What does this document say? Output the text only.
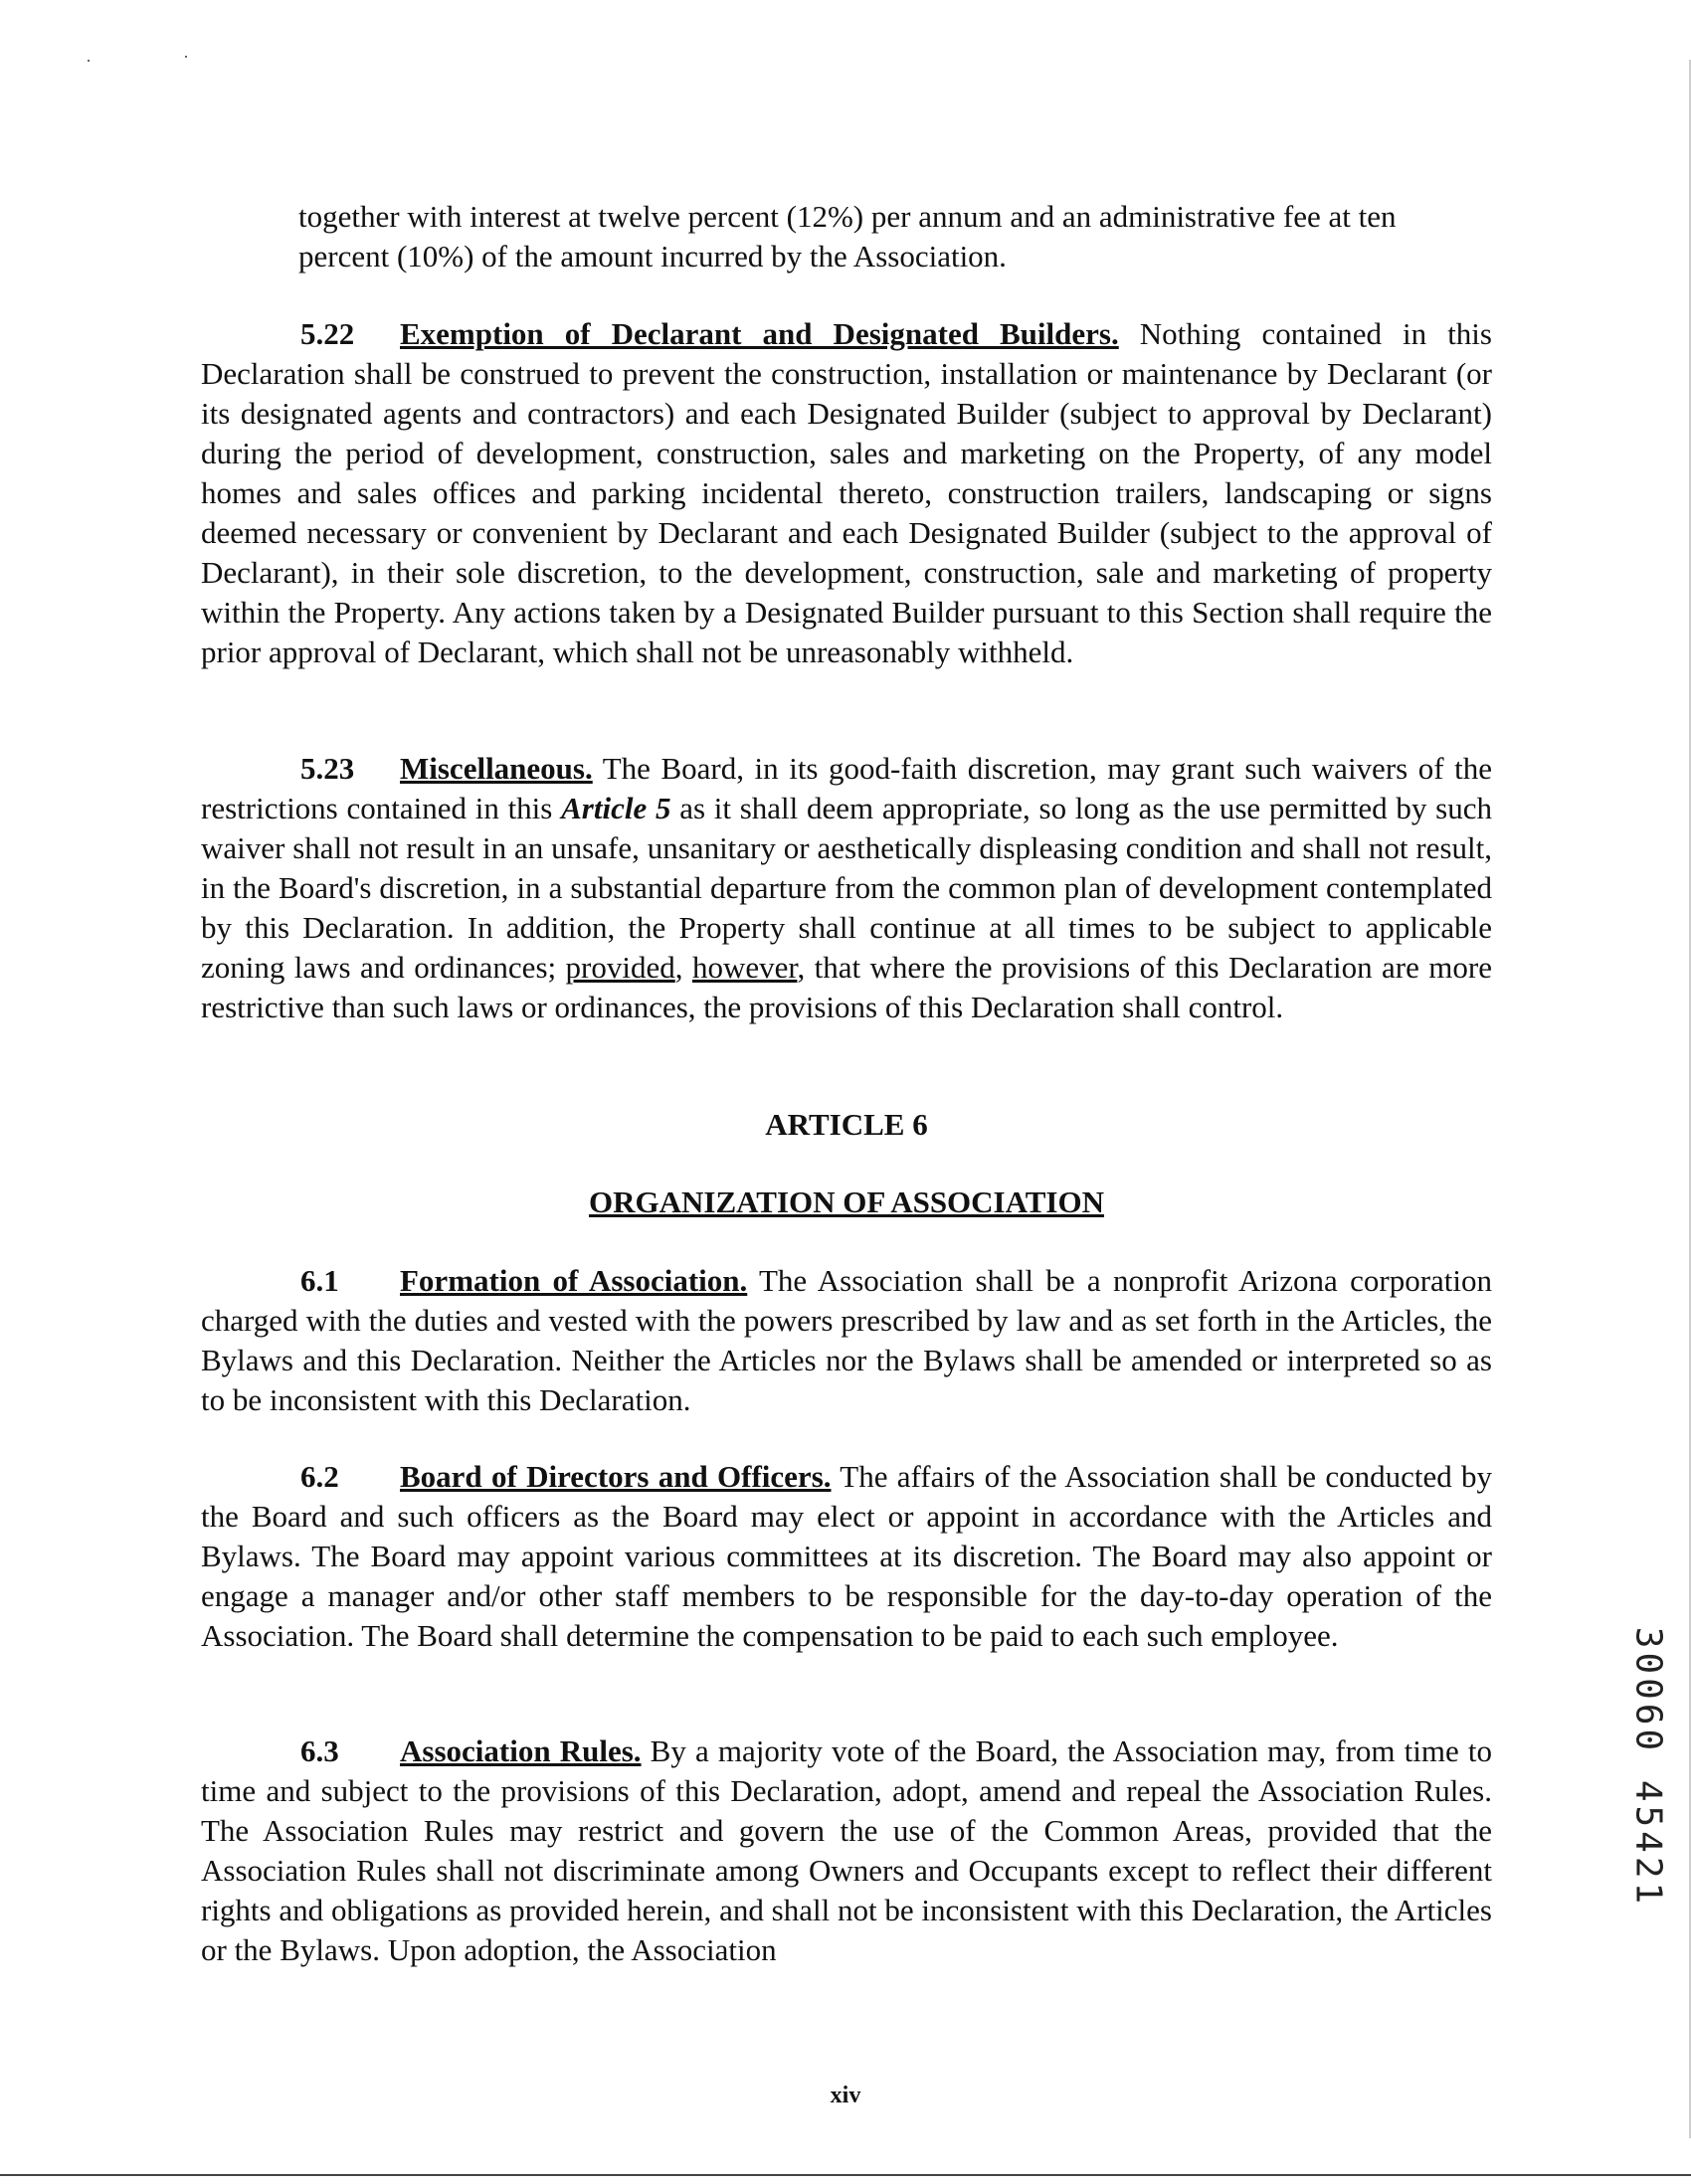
together with interest at twelve percent (12%) per annum and an administrative fee at ten percent (10%) of the amount incurred by the Association.

5.22 Exemption of Declarant and Designated Builders. Nothing contained in this Declaration shall be construed to prevent the construction, installation or maintenance by Declarant (or its designated agents and contractors) and each Designated Builder (subject to approval by Declarant) during the period of development, construction, sales and marketing on the Property, of any model homes and sales offices and parking incidental thereto, construction trailers, landscaping or signs deemed necessary or convenient by Declarant and each Designated Builder (subject to the approval of Declarant), in their sole discretion, to the development, construction, sale and marketing of property within the Property. Any actions taken by a Designated Builder pursuant to this Section shall require the prior approval of Declarant, which shall not be unreasonably withheld.

5.23 Miscellaneous. The Board, in its good-faith discretion, may grant such waivers of the restrictions contained in this Article 5 as it shall deem appropriate, so long as the use permitted by such waiver shall not result in an unsafe, unsanitary or aesthetically displeasing condition and shall not result, in the Board's discretion, in a substantial departure from the common plan of development contemplated by this Declaration. In addition, the Property shall continue at all times to be subject to applicable zoning laws and ordinances; provided, however, that where the provisions of this Declaration are more restrictive than such laws or ordinances, the provisions of this Declaration shall control.

ARTICLE 6

ORGANIZATION OF ASSOCIATION

6.1 Formation of Association. The Association shall be a nonprofit Arizona corporation charged with the duties and vested with the powers prescribed by law and as set forth in the Articles, the Bylaws and this Declaration. Neither the Articles nor the Bylaws shall be amended or interpreted so as to be inconsistent with this Declaration.

6.2 Board of Directors and Officers. The affairs of the Association shall be conducted by the Board and such officers as the Board may elect or appoint in accordance with the Articles and Bylaws. The Board may appoint various committees at its discretion. The Board may also appoint or engage a manager and/or other staff members to be responsible for the day-to-day operation of the Association. The Board shall determine the compensation to be paid to each such employee.

6.3 Association Rules. By a majority vote of the Board, the Association may, from time to time and subject to the provisions of this Declaration, adopt, amend and repeal the Association Rules. The Association Rules may restrict and govern the use of the Common Areas, provided that the Association Rules shall not discriminate among Owners and Occupants except to reflect their different rights and obligations as provided herein, and shall not be inconsistent with this Declaration, the Articles or the Bylaws. Upon adoption, the Association

30060 45421

xiv
